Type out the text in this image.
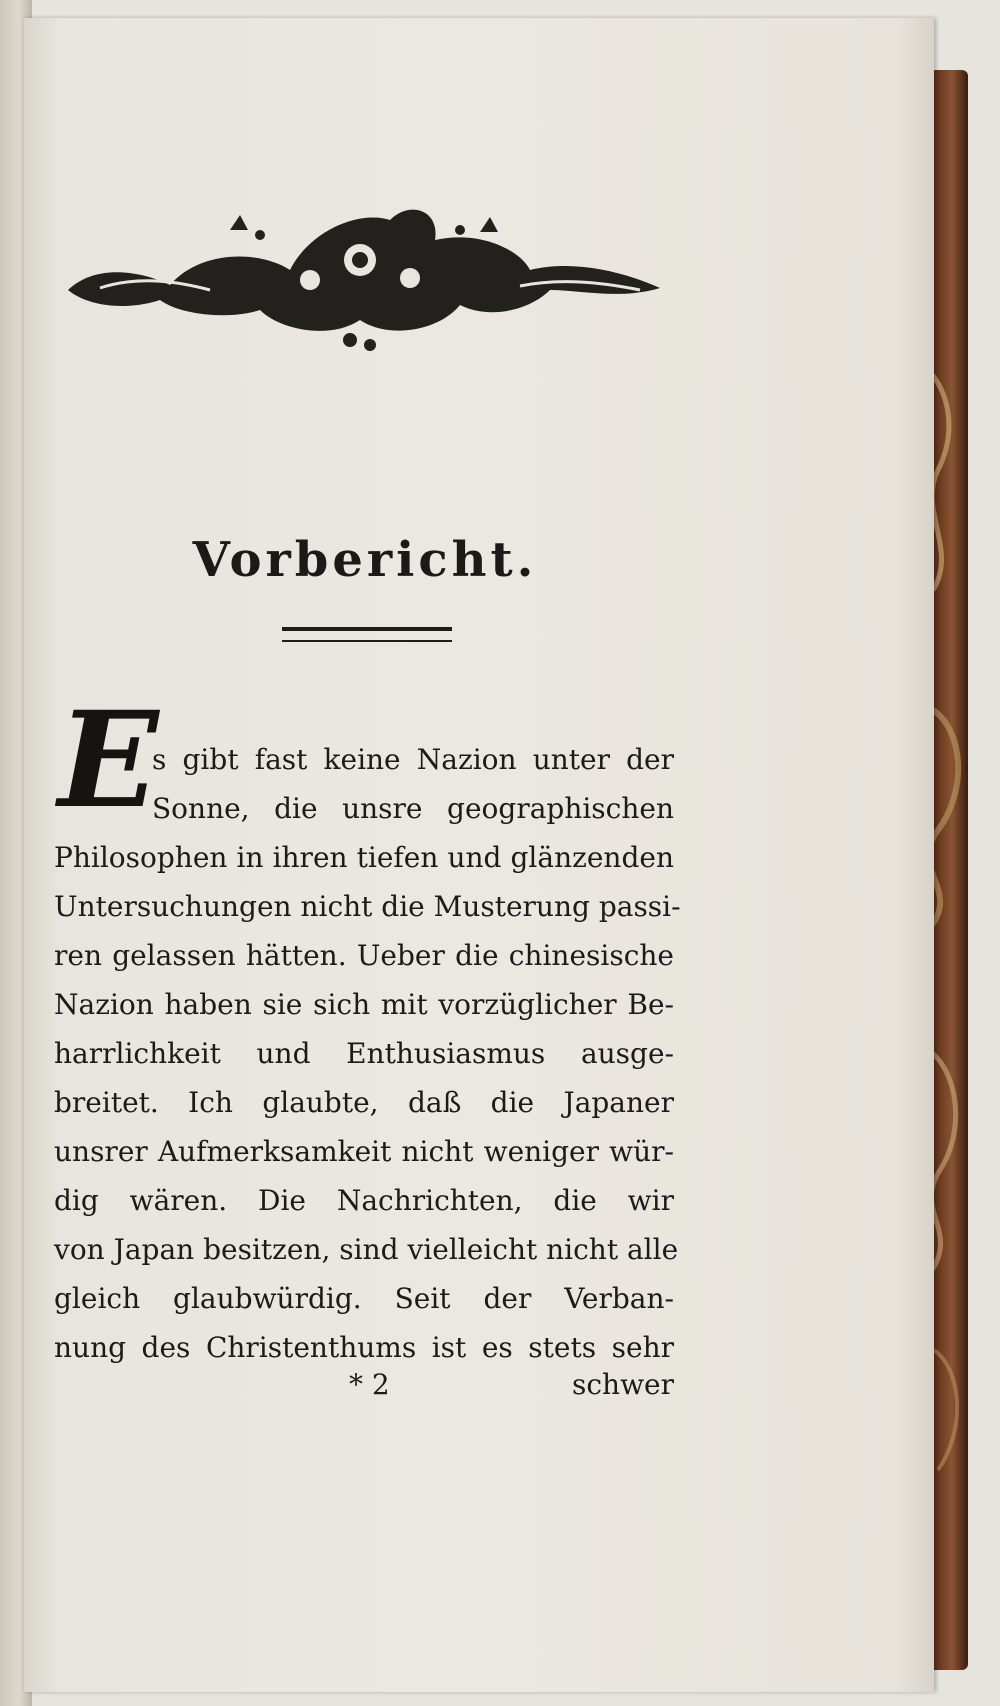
Vorbericht.
E
s gibt fast keine Nazion unter der
Sonne, die unsre geographischen
Philosophen in ihren tiefen und glänzenden
Untersuchungen nicht die Musterung passi-
ren gelassen hätten. Ueber die chinesische
Nazion haben sie sich mit vorzüglicher Be-
harrlichkeit und Enthusiasmus ausge-
breitet. Ich glaubte, daß die Japaner
unsrer Aufmerksamkeit nicht weniger wür-
dig wären. Die Nachrichten, die wir
von Japan besitzen, sind vielleicht nicht alle
gleich glaubwürdig. Seit der Verban-
nung des Christenthums ist es stets sehr
* 2	schwer
